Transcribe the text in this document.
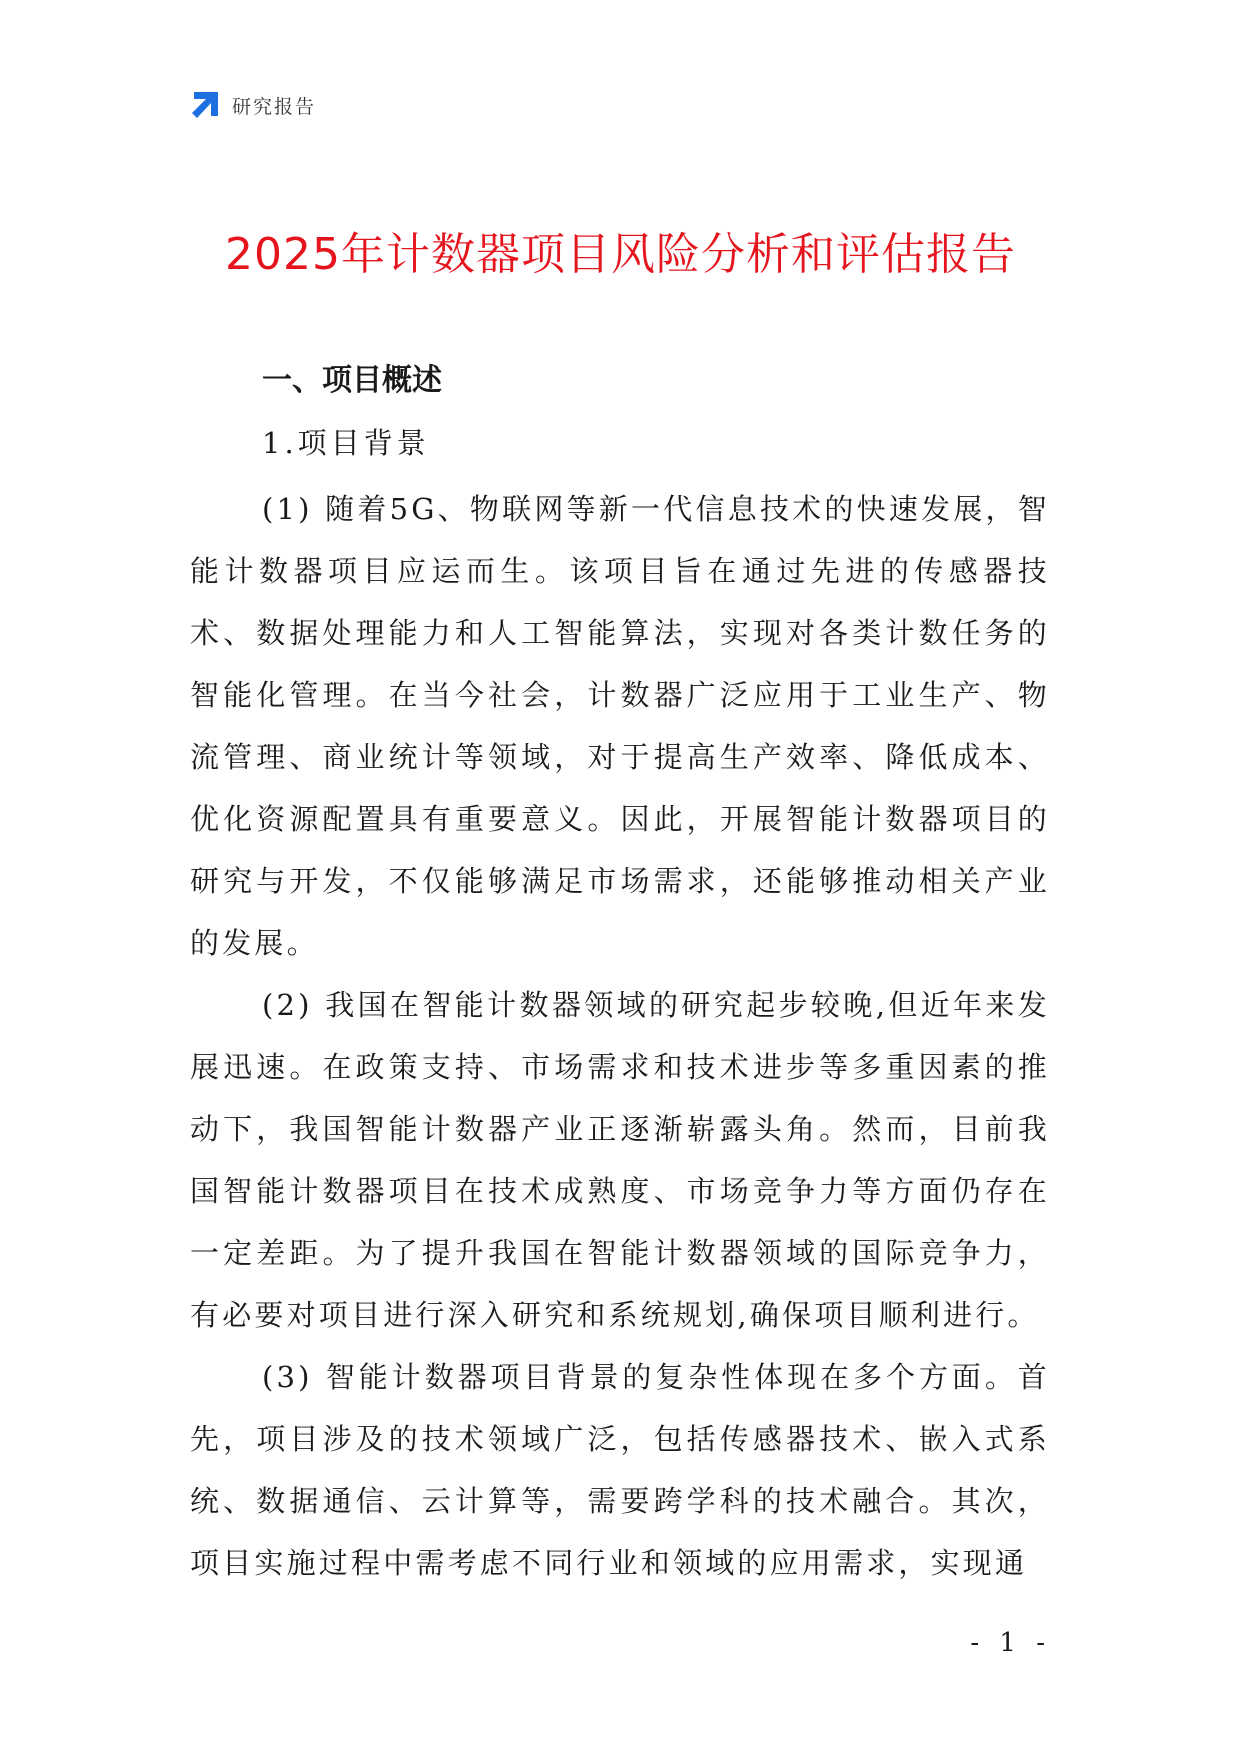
研究报告
2025年计数器项目风险分析和评估报告
一、项目概述
1.项目背景

(1) 随着5G、物联网等新一代信息技术的快速发展，智能计数器项目应运而生。该项目旨在通过先进的传感器技术、数据处理能力和人工智能算法，实现对各类计数任务的智能化管理。在当今社会，计数器广泛应用于工业生产、物流管理、商业统计等领域，对于提高生产效率、降低成本、优化资源配置具有重要意义。因此，开展智能计数器项目的研究与开发，不仅能够满足市场需求，还能够推动相关产业的发展。

(2) 我国在智能计数器领域的研究起步较晚,但近年来发展迅速。在政策支持、市场需求和技术进步等多重因素的推动下，我国智能计数器产业正逐渐崭露头角。然而，目前我国智能计数器项目在技术成熟度、市场竞争力等方面仍存在一定差距。为了提升我国在智能计数器领域的国际竞争力，有必要对项目进行深入研究和系统规划,确保项目顺利进行。

(3) 智能计数器项目背景的复杂性体现在多个方面。首先，项目涉及的技术领域广泛，包括传感器技术、嵌入式系统、数据通信、云计算等，需要跨学科的技术融合。其次，项目实施过程中需考虑不同行业和领域的应用需求，实现通

- 1 -
